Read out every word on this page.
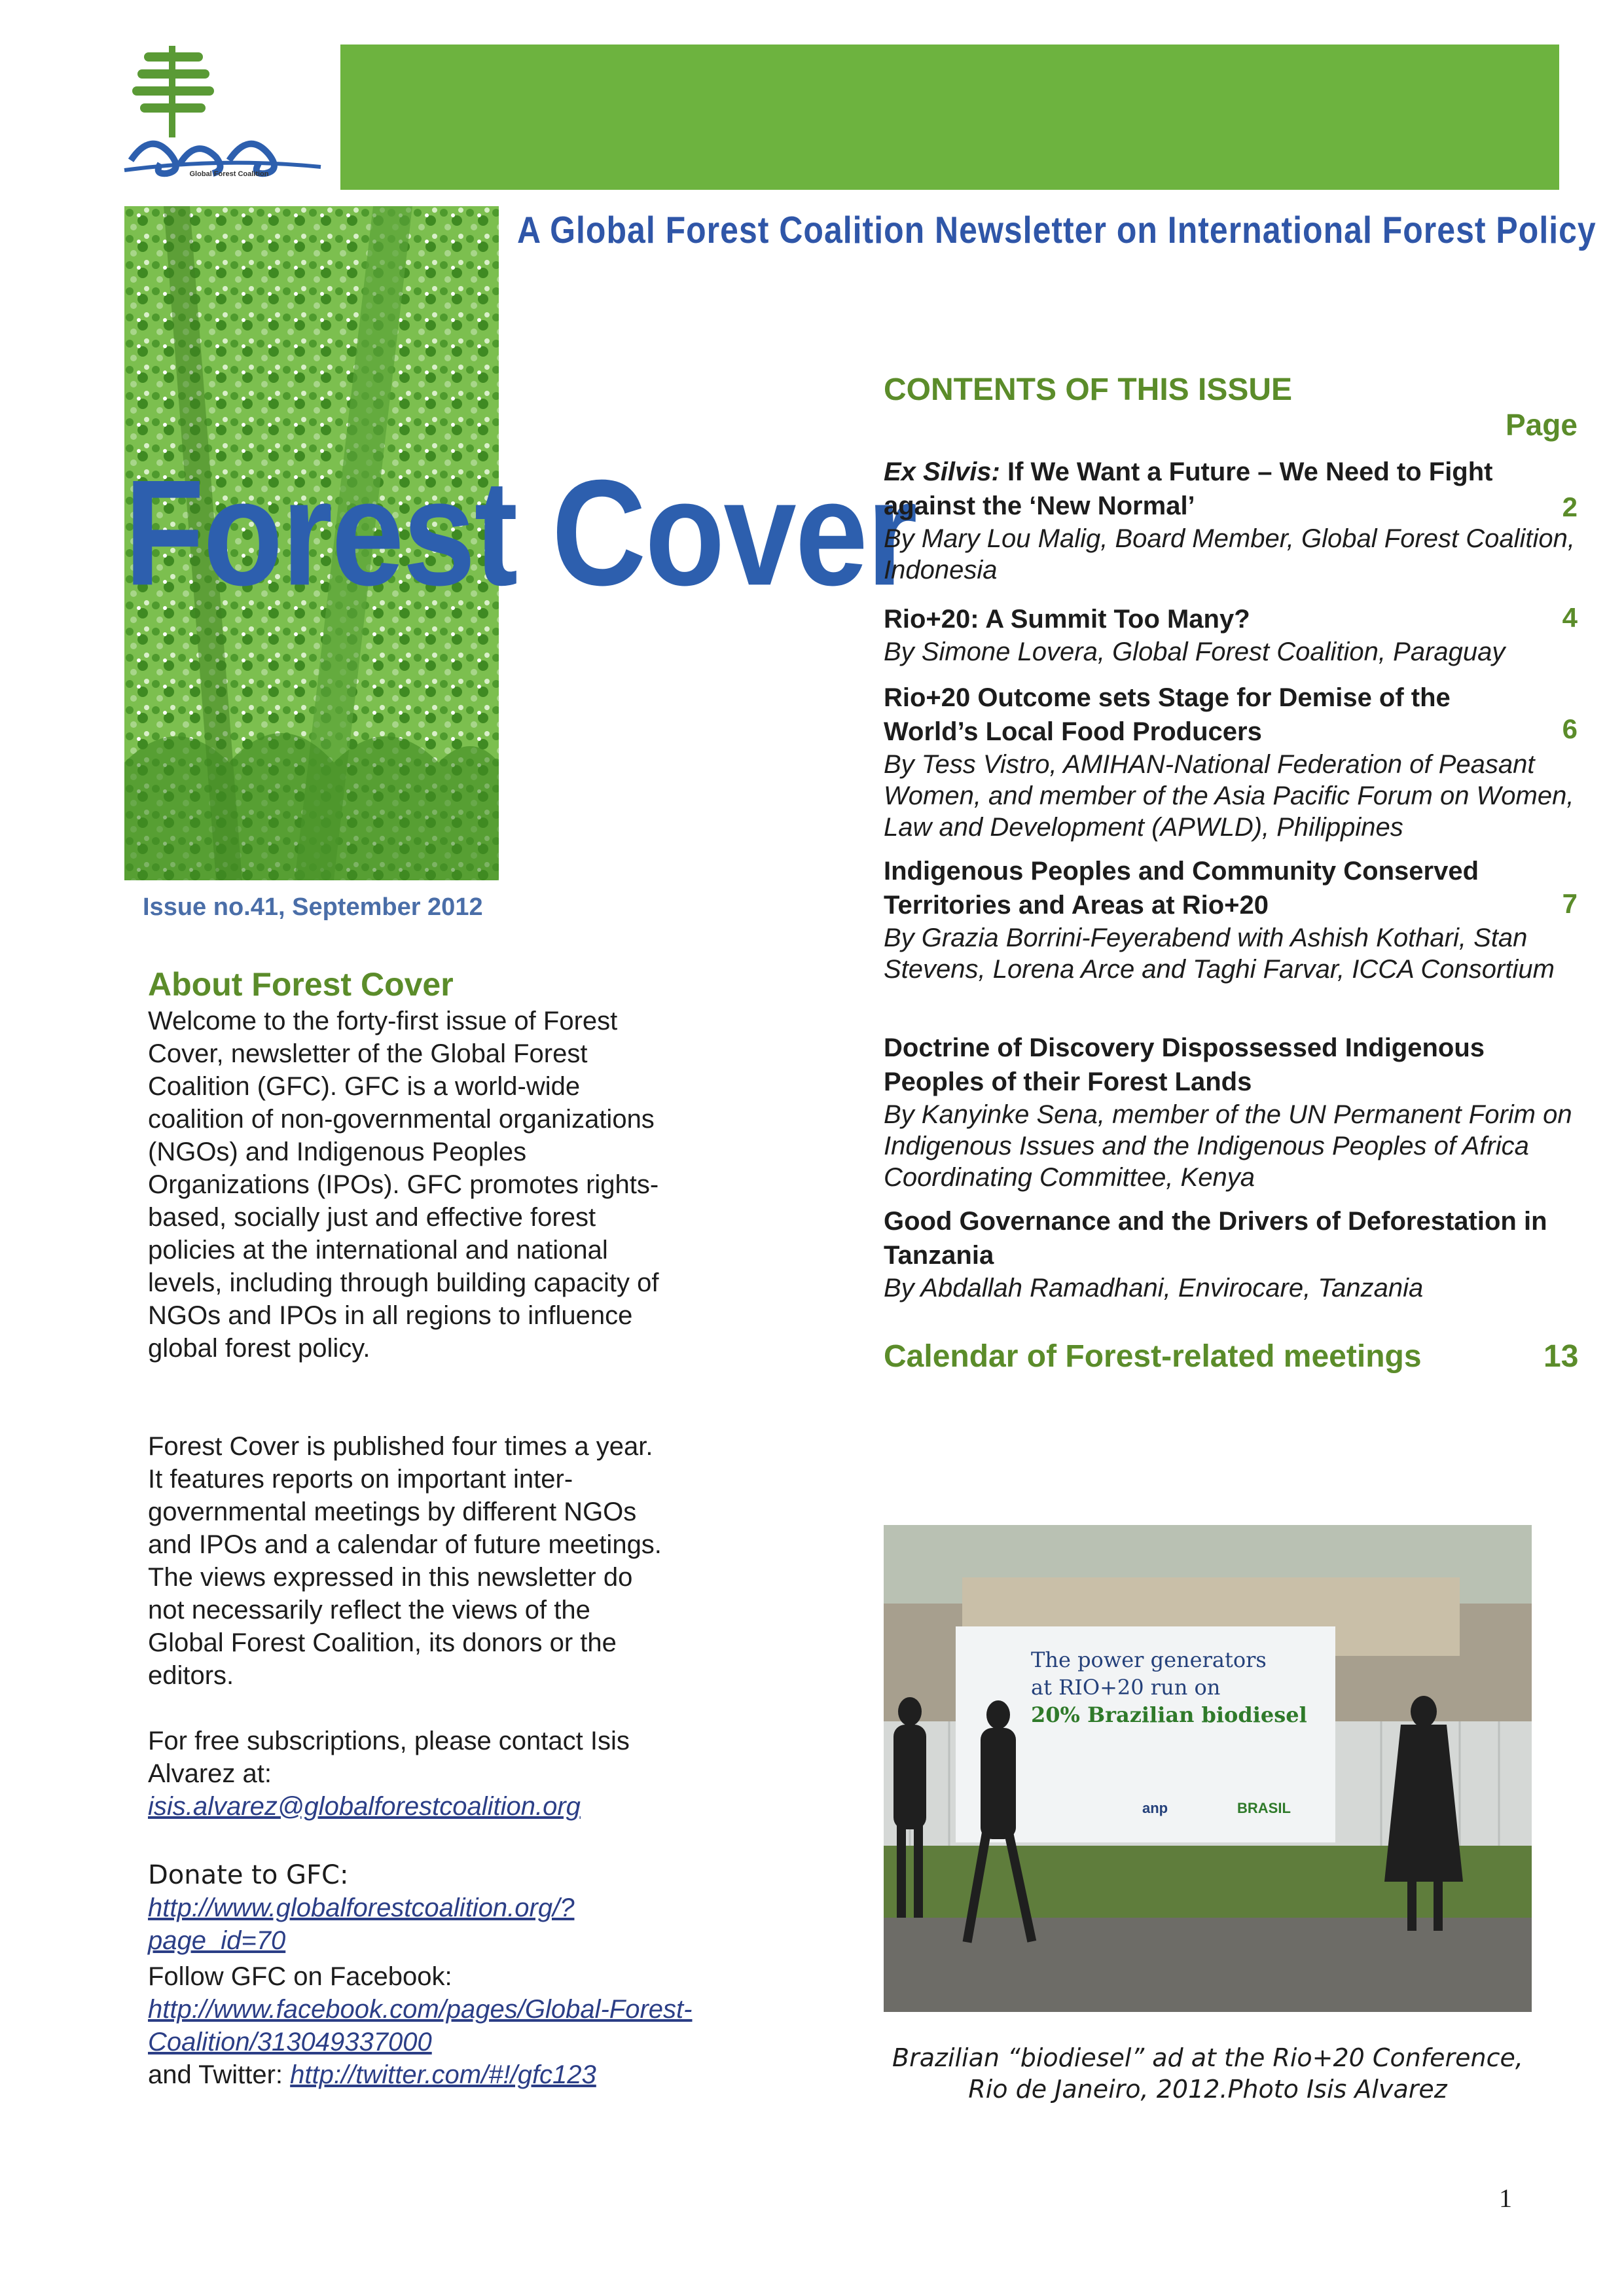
Global Forest Coalition
A Global Forest Coalition Newsletter on International Forest Policy
Forest Cover
Issue no.41, September 2012
About Forest Cover
Welcome to the forty-first issue of Forest Cover, newsletter of the Global Forest Coalition (GFC). GFC is a world-wide coalition of non-governmental organizations (NGOs) and Indigenous Peoples Organizations (IPOs). GFC promotes rights-based, socially just and effective forest policies at the international and national levels, including through building capacity of NGOs and IPOs in all regions to influence global forest policy.
Forest Cover is published four times a year. It features reports on important inter-governmental meetings by different NGOs and IPOs and a calendar of future meetings. The views expressed in this newsletter do not necessarily reflect the views of the Global Forest Coalition, its donors or the editors.
For free subscriptions, please contact Isis Alvarez at:
isis.alvarez@globalforestcoalition.org
Donate to GFC:
http://www.globalforestcoalition.org/?page_id=70
Follow GFC on Facebook:
http://www.facebook.com/pages/Global-Forest-Coalition/313049337000
and Twitter: http://twitter.com/#!/gfc123
CONTENTS OF THIS ISSUE
Page
Ex Silvis: If We Want a Future – We Need to Fight against the ‘New Normal’	2
By Mary Lou Malig, Board Member, Global Forest Coalition, Indonesia
Rio+20: A Summit Too Many?	4
By Simone Lovera, Global Forest Coalition, Paraguay
Rio+20 Outcome sets Stage for Demise of the World’s Local Food Producers	6
By Tess Vistro, AMIHAN-National Federation of Peasant Women, and member of the Asia Pacific Forum on Women, Law and Development (APWLD), Philippines
Indigenous Peoples and Community Conserved Territories and Areas at Rio+20	7
By Grazia Borrini-Feyerabend with Ashish Kothari, Stan Stevens, Lorena Arce and Taghi Farvar, ICCA Consortium
Doctrine of Discovery Dispossessed Indigenous Peoples of their Forest Lands
By Kanyinke Sena, member of the UN Permanent Forim on Indigenous Issues and the Indigenous Peoples of Africa Coordinating Committee, Kenya
Good Governance and the Drivers of Deforestation in Tanzania
By Abdallah Ramadhani, Envirocare, Tanzania
Calendar of Forest-related meetings	13
The power generators
at RIO+20 run on
20% Brazilian biodiesel
anp	BRASIL
Brazilian “biodiesel” ad at the Rio+20 Conference,
Rio de Janeiro, 2012.Photo Isis Alvarez
1
